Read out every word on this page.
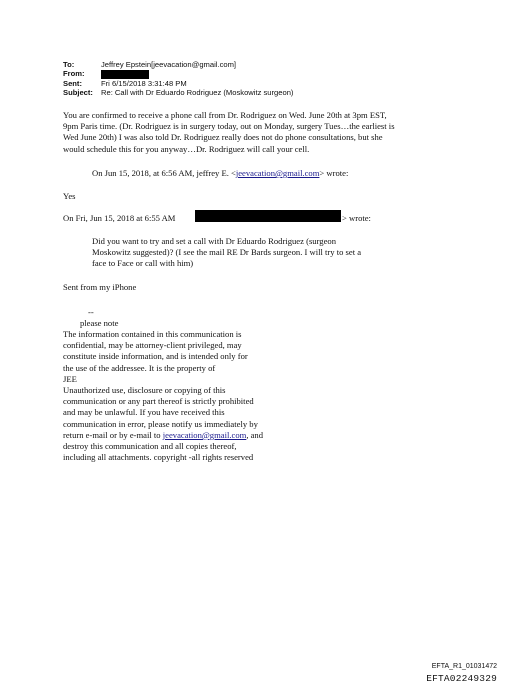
To:	Jeffrey Epstein[jeevacation@gmail.com]
From:
Sent:	Fri 6/15/2018 3:31:48 PM
Subject: Re: Call with Dr Eduardo Rodriguez (Moskowitz surgeon)
You are confirmed to receive a phone call from Dr. Rodriguez on Wed. June 20th at 3pm EST,
9pm Paris time. (Dr. Rodriguez is in surgery today, out on Monday, surgery Tues…the earliest is
Wed June 20th) I was also told Dr. Rodriguez really does not do phone consultations, but she
would schedule this for you anyway…Dr. Rodriguez will call your cell.
On Jun 15, 2018, at 6:56 AM, jeffrey E. <jeevacation@gmail.com> wrote:
Yes
On Fri, Jun 15, 2018 at 6:55 AM	> wrote:
Did you want to try and set a call with Dr Eduardo Rodriguez (surgeon
Moskowitz suggested)? (I see the mail RE Dr Bards surgeon. I will try to set a
face to Face or call with him)
Sent from my iPhone
--
please note
The information contained in this communication is
confidential, may be attorney-client privileged, may
constitute inside information, and is intended only for
the use of the addressee. It is the property of
JEE
Unauthorized use, disclosure or copying of this
communication or any part thereof is strictly prohibited
and may be unlawful. If you have received this
communication in error, please notify us immediately by
return e-mail or by e-mail to jeevacation@gmail.com, and
destroy this communication and all copies thereof,
including all attachments. copyright -all rights reserved
EFTA_R1_01031472
EFTA02249329
